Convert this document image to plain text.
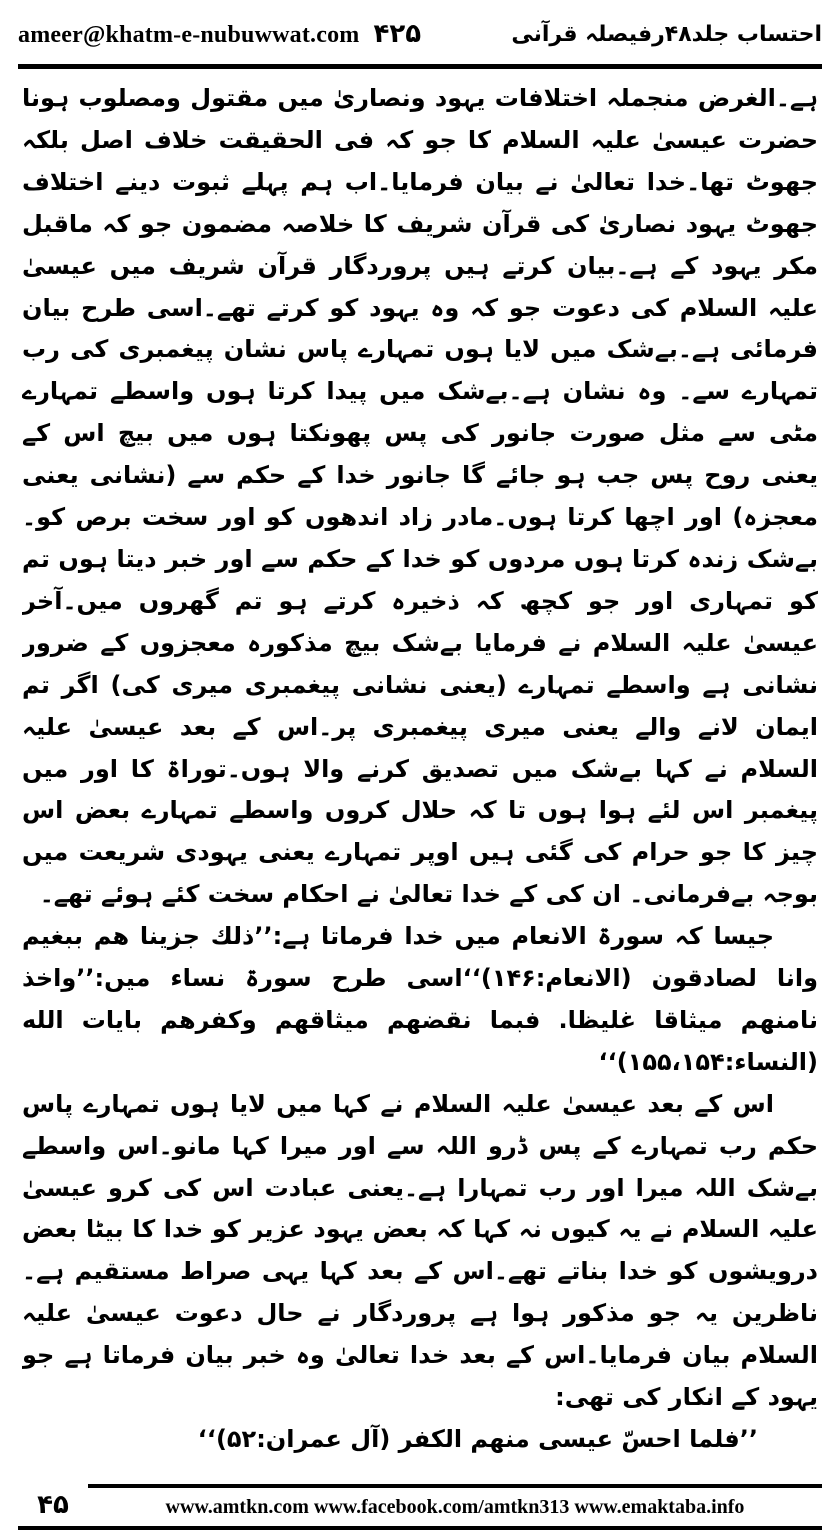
ameer@khatm-e-nubuwwat.com ۴۲۵	احتساب جلد۴۸رفیصلہ قرآنی

ہے۔الغرض منجملہ اختلافات یہود ونصاریٰ میں مقتول ومصلوب ہونا حضرت عیسیٰ علیہ السلام کا جو کہ فی الحقیقت خلاف اصل بلکہ جھوٹ تھا۔خدا تعالیٰ نے بیان فرمایا۔اب ہم پہلے ثبوت دینے اختلاف جھوٹ یہود نصاریٰ کی قرآن شریف کا خلاصہ مضمون جو کہ ماقبل مکر یہود کے ہے۔بیان کرتے ہیں پروردگار قرآن شریف میں عیسیٰ علیہ السلام کی دعوت جو کہ وہ یہود کو کرتے تھے۔اسی طرح بیان فرمائی ہے۔بےشک میں لایا ہوں تمہارے پاس نشان پیغمبری کی رب تمہارے سے۔ وہ نشان ہے۔بےشک میں پیدا کرتا ہوں واسطے تمہارے مٹی سے مثل صورت جانور کی پس پھونکتا ہوں میں بیچ اس کے یعنی روح پس جب ہو جائے گا جانور خدا کے حکم سے (نشانی یعنی معجزہ) اور اچھا کرتا ہوں۔مادر زاد اندھوں کو اور سخت برص کو۔بےشک زندہ کرتا ہوں مردوں کو خدا کے حکم سے اور خبر دیتا ہوں تم کو تمہاری اور جو کچھ کہ ذخیرہ کرتے ہو تم گھروں میں۔آخر عیسیٰ علیہ السلام نے فرمایا بےشک بیچ مذکورہ معجزوں کے ضرور نشانی ہے واسطے تمہارے (یعنی نشانی پیغمبری میری کی) اگر تم ایمان لانے والے یعنی میری پیغمبری پر۔اس کے بعد عیسیٰ علیہ السلام نے کہا بےشک میں تصدیق کرنے والا ہوں۔توراۃ کا اور میں پیغمبر اس لئے ہوا ہوں تا کہ حلال کروں واسطے تمہارے بعض اس چیز کا جو حرام کی گئی ہیں اوپر تمہارے یعنی یہودی شریعت میں بوجہ بےفرمانی۔ ان کی کے خدا تعالیٰ نے احکام سخت کئے ہوئے تھے۔

جیسا کہ سورۃ الانعام میں خدا فرماتا ہے:’’ذلك جزينا هم ببغيم وانا لصادقون (الانعام:۱۴۶)‘‘اسی طرح سورۃ نساء میں:’’واخذ نامنهم ميثاقا غليظا. فبما نقضهم ميثاقهم وكفرهم بايات الله (النساء:۱۵۵،۱۵۴)‘‘

اس کے بعد عیسیٰ علیہ السلام نے کہا میں لایا ہوں تمہارے پاس حکم رب تمہارے کے پس ڈرو اللہ سے اور میرا کہا مانو۔اس واسطے بےشک اللہ میرا اور رب تمہارا ہے۔یعنی عبادت اس کی کرو عیسیٰ علیہ السلام نے یہ کیوں نہ کہا کہ بعض یہود عزیر کو خدا کا بیٹا بعض درویشوں کو خدا بناتے تھے۔اس کے بعد کہا یہی صراط مستقیم ہے۔ناظرین یہ جو مذکور ہوا ہے پروردگار نے حال دعوت عیسیٰ علیہ السلام بیان فرمایا۔اس کے بعد خدا تعالیٰ وہ خبر بیان فرماتا ہے جو یہود کے انکار کی تھی:

’’فلما احسّ عيسى منهم الكفر (آل عمران:۵۲)‘‘

۴۵	www.amtkn.com www.facebook.com/amtkn313 www.emaktaba.info
